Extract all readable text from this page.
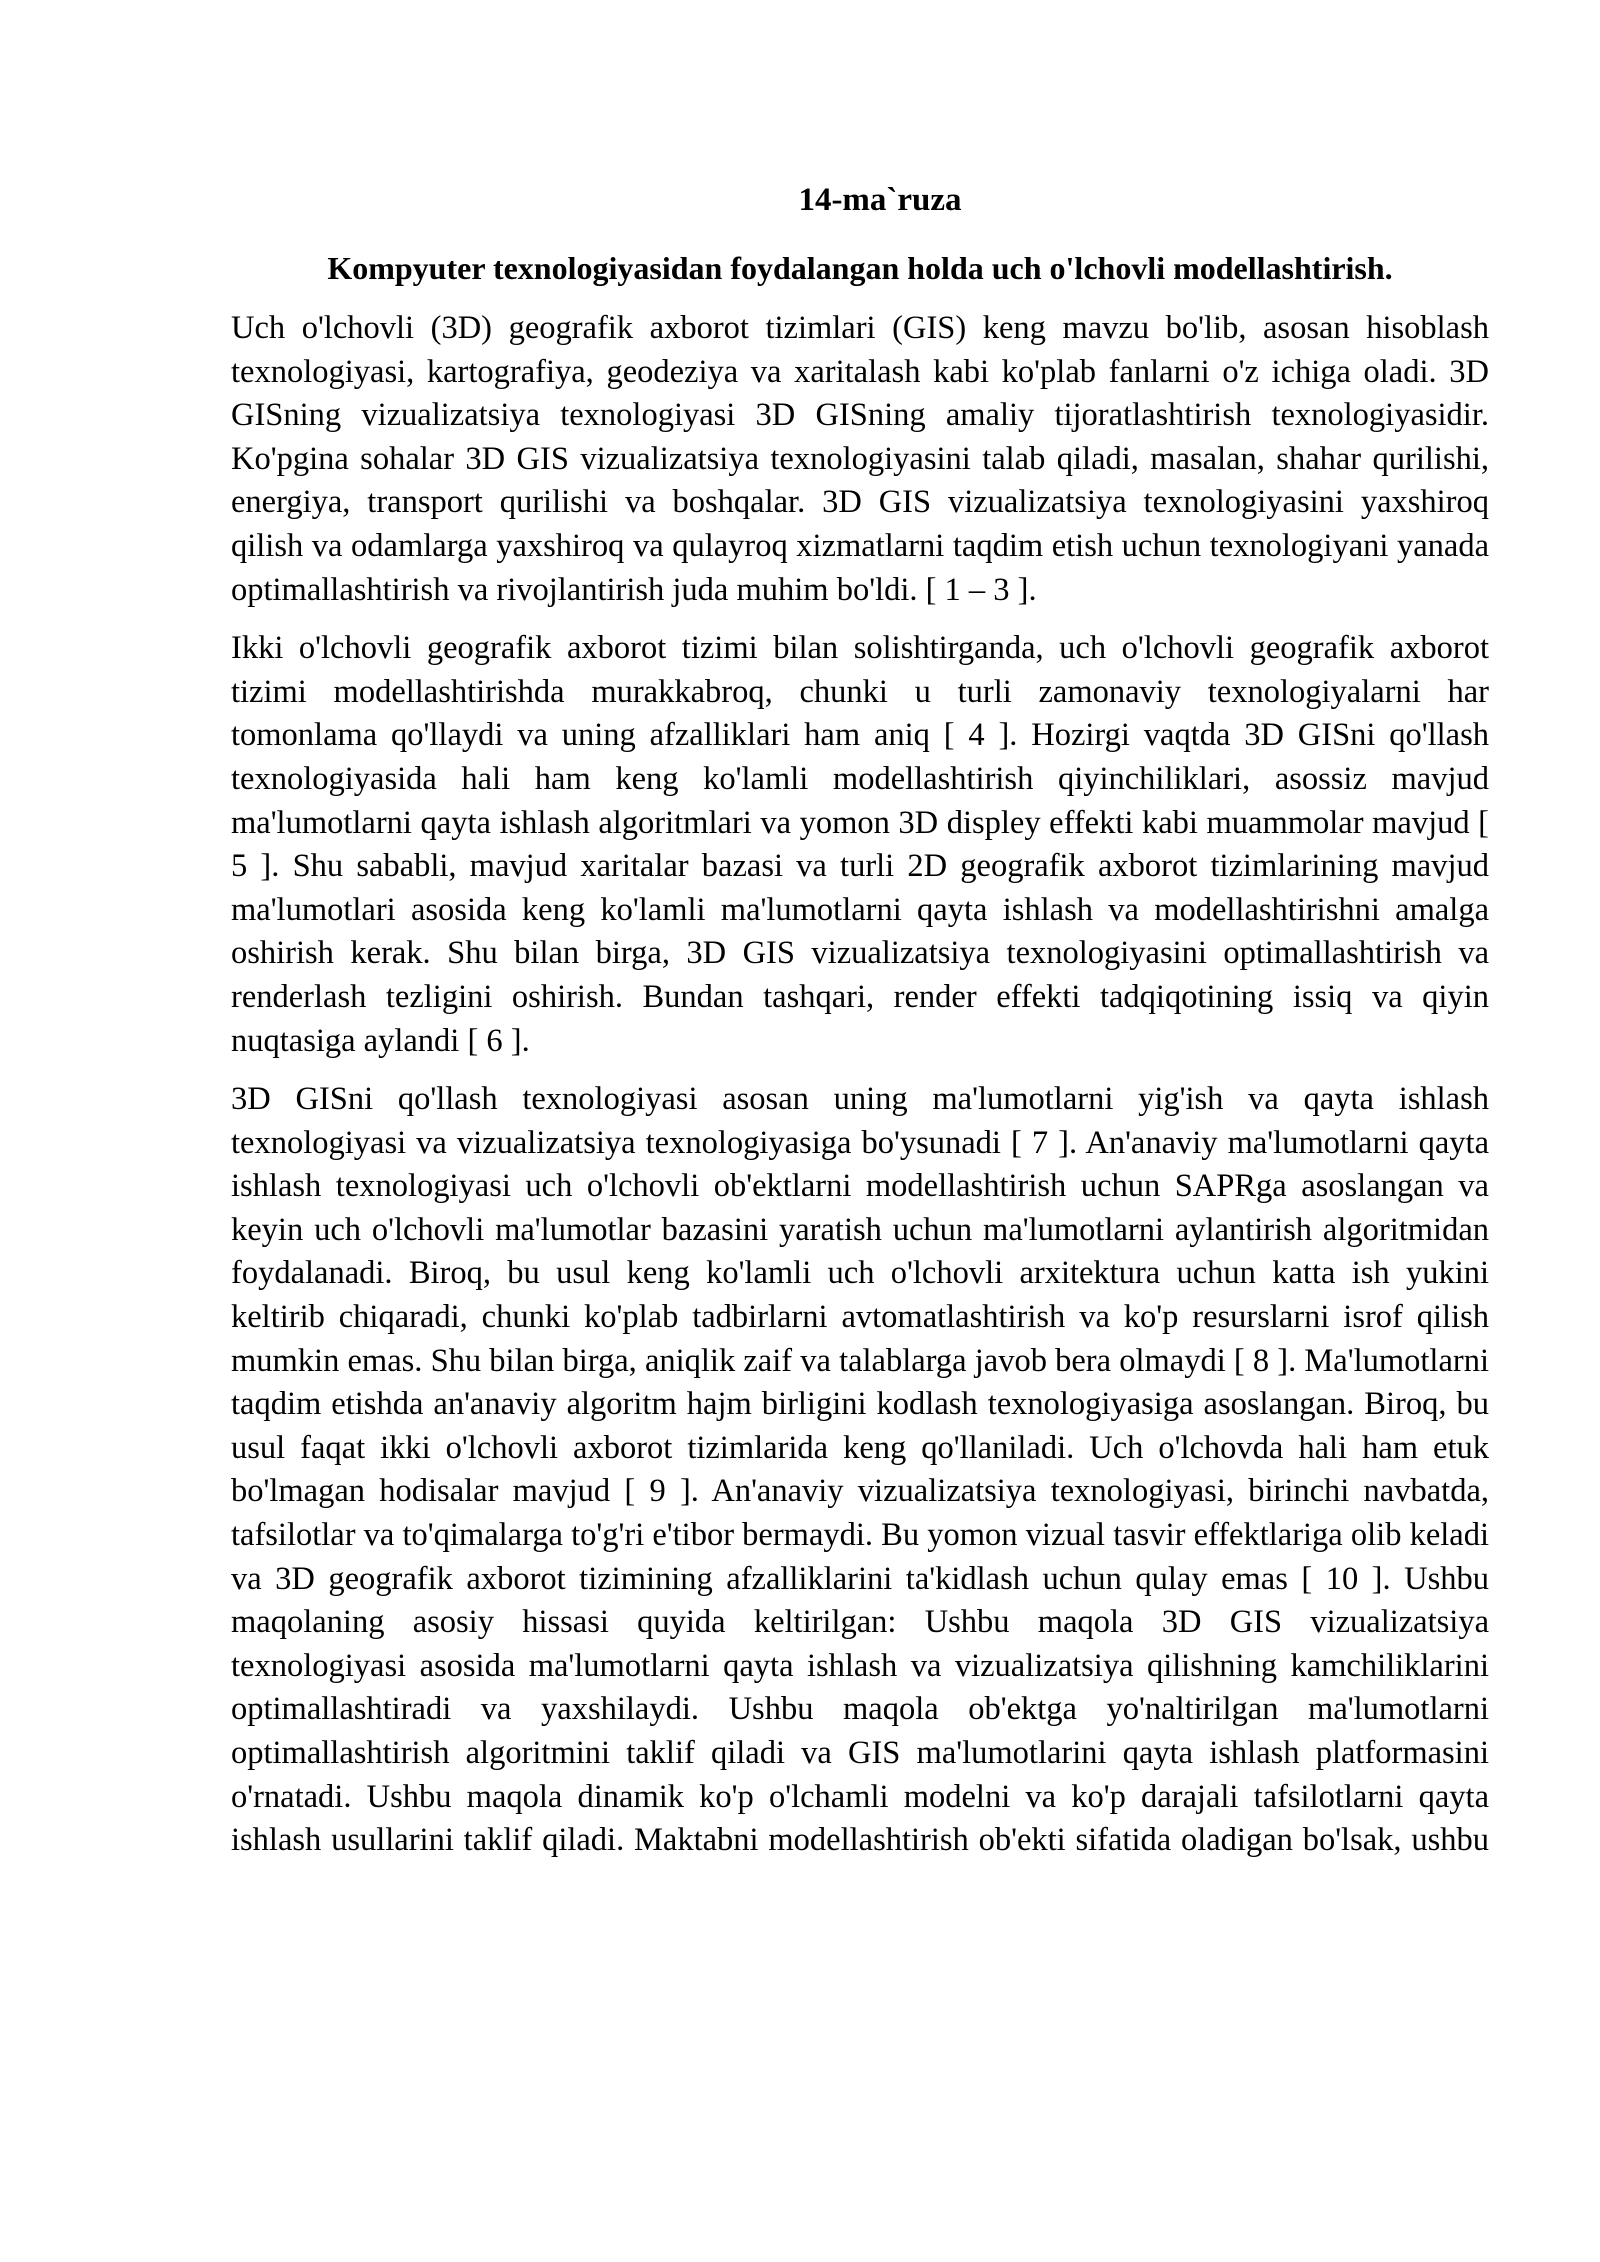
14-ma`ruza
Kompyuter texnologiyasidan foydalangan holda uch o'lchovli modellashtirish.

Uch o'lchovli (3D) geografik axborot tizimlari (GIS) keng mavzu bo'lib, asosan hisoblash texnologiyasi, kartografiya, geodeziya va xaritalash kabi ko'plab fanlarni o'z ichiga oladi. 3D GISning vizualizatsiya texnologiyasi 3D GISning amaliy tijoratlashtirish texnologiyasidir. Ko'pgina sohalar 3D GIS vizualizatsiya texnologiyasini talab qiladi, masalan, shahar qurilishi, energiya, transport qurilishi va boshqalar. 3D GIS vizualizatsiya texnologiyasini yaxshiroq qilish va odamlarga yaxshiroq va qulayroq xizmatlarni taqdim etish uchun texnologiyani yanada optimallashtirish va rivojlantirish juda muhim bo'ldi. [ 1 – 3 ].

Ikki o'lchovli geografik axborot tizimi bilan solishtirganda, uch o'lchovli geografik axborot tizimi modellashtirishda murakkabroq, chunki u turli zamonaviy texnologiyalarni har tomonlama qo'llaydi va uning afzalliklari ham aniq [ 4 ]. Hozirgi vaqtda 3D GISni qo'llash texnologiyasida hali ham keng ko'lamli modellashtirish qiyinchiliklari, asossiz mavjud ma'lumotlarni qayta ishlash algoritmlari va yomon 3D displey effekti kabi muammolar mavjud [ 5 ]. Shu sababli, mavjud xaritalar bazasi va turli 2D geografik axborot tizimlarining mavjud ma'lumotlari asosida keng ko'lamli ma'lumotlarni qayta ishlash va modellashtirishni amalga oshirish kerak. Shu bilan birga, 3D GIS vizualizatsiya texnologiyasini optimallashtirish va renderlash tezligini oshirish. Bundan tashqari, render effekti tadqiqotining issiq va qiyin nuqtasiga aylandi [ 6 ].

3D GISni qo'llash texnologiyasi asosan uning ma'lumotlarni yig'ish va qayta ishlash texnologiyasi va vizualizatsiya texnologiyasiga bo'ysunadi [ 7 ]. An'anaviy ma'lumotlarni qayta ishlash texnologiyasi uch o'lchovli ob'ektlarni modellashtirish uchun SAPRga asoslangan va keyin uch o'lchovli ma'lumotlar bazasini yaratish uchun ma'lumotlarni aylantirish algoritmidan foydalanadi. Biroq, bu usul keng ko'lamli uch o'lchovli arxitektura uchun katta ish yukini keltirib chiqaradi, chunki ko'plab tadbirlarni avtomatlashtirish va ko'p resurslarni isrof qilish mumkin emas. Shu bilan birga, aniqlik zaif va talablarga javob bera olmaydi [ 8 ]. Ma'lumotlarni taqdim etishda an'anaviy algoritm hajm birligini kodlash texnologiyasiga asoslangan. Biroq, bu usul faqat ikki o'lchovli axborot tizimlarida keng qo'llaniladi. Uch o'lchovda hali ham etuk bo'lmagan hodisalar mavjud [ 9 ]. An'anaviy vizualizatsiya texnologiyasi, birinchi navbatda, tafsilotlar va to'qimalarga to'g'ri e'tibor bermaydi. Bu yomon vizual tasvir effektlariga olib keladi va 3D geografik axborot tizimining afzalliklarini ta'kidlash uchun qulay emas [ 10 ]. Ushbu maqolaning asosiy hissasi quyida keltirilgan: Ushbu maqola 3D GIS vizualizatsiya texnologiyasi asosida ma'lumotlarni qayta ishlash va vizualizatsiya qilishning kamchiliklarini optimallashtiradi va yaxshilaydi. Ushbu maqola ob'ektga yo'naltirilgan ma'lumotlarni optimallashtirish algoritmini taklif qiladi va GIS ma'lumotlarini qayta ishlash platformasini o'rnatadi. Ushbu maqola dinamik ko'p o'lchamli modelni va ko'p darajali tafsilotlarni qayta ishlash usullarini taklif qiladi. Maktabni modellashtirish ob'ekti sifatida oladigan bo'lsak, ushbu
